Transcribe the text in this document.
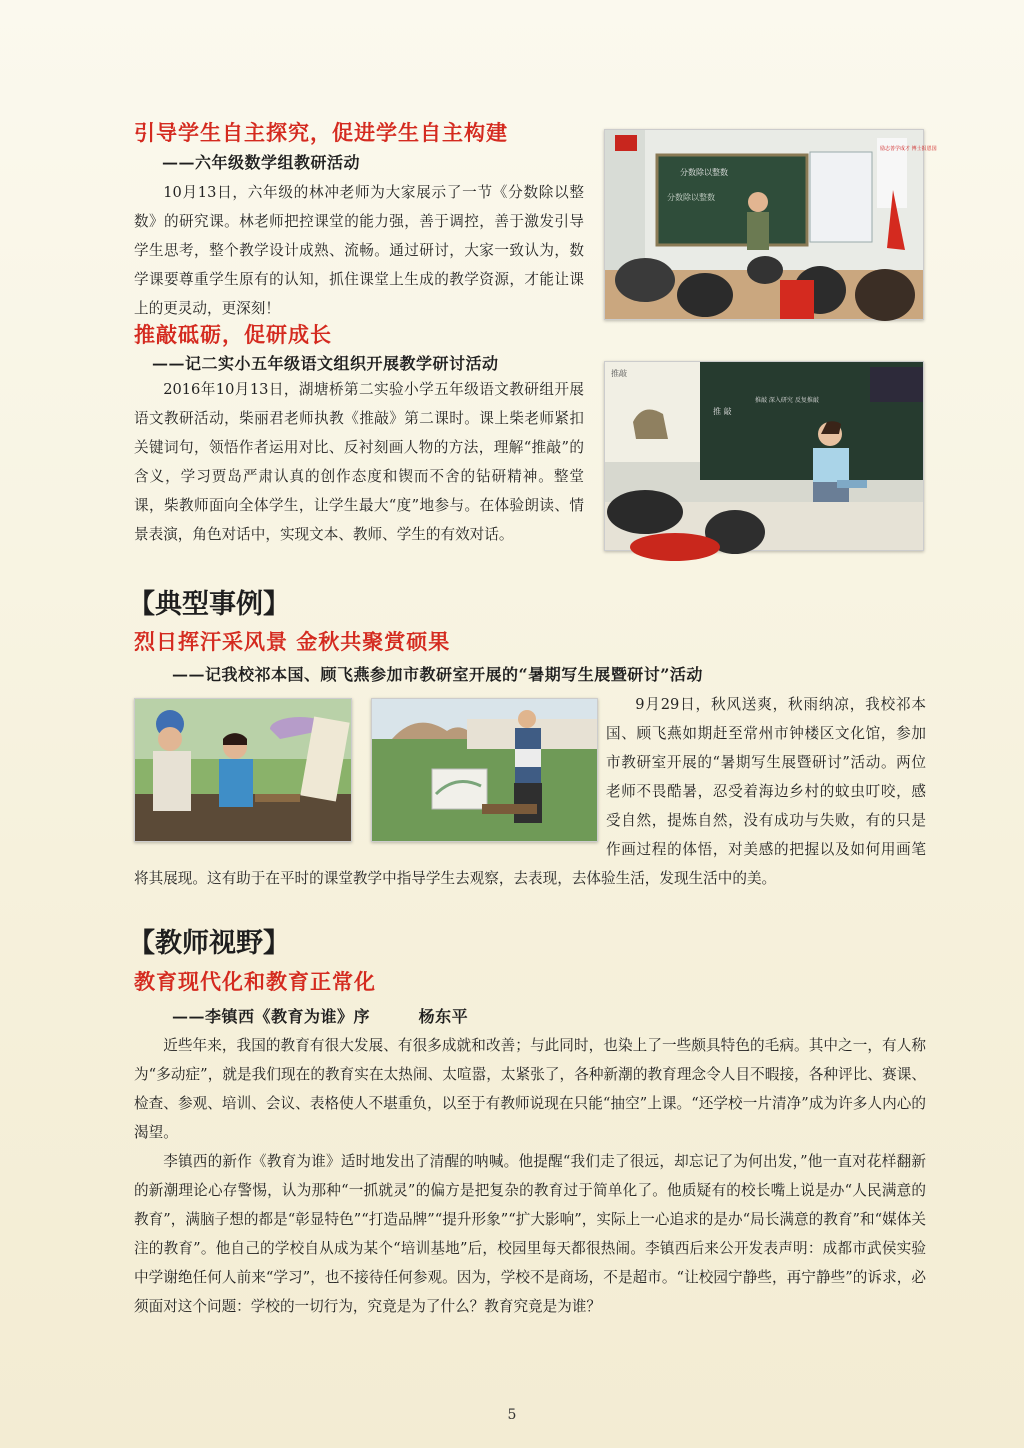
引导学生自主探究，促进学生自主构建

——六年级数学组教研活动

10月13日，六年级的林冲老师为大家展示了一节《分数除以整数》的研究课。林老师把控课堂的能力强，善于调控，善于激发引导学生思考，整个教学设计成熟、流畅。通过研讨，大家一致认为，数学课要尊重学生原有的认知，抓住课堂上生成的教学资源，才能让课上的更灵动，更深刻！

分数除以整数
分数除以整数
励志善学成才 博士报恩国
推敲砥砺，促研成长

——记二实小五年级语文组织开展教学研讨活动

2016年10月13日，湖塘桥第二实验小学五年级语文教研组开展语文教研活动，柴丽君老师执教《推敲》第二课时。课上柴老师紧扣关键词句，领悟作者运用对比、反衬刻画人物的方法，理解“推敲”的含义，学习贾岛严肃认真的创作态度和锲而不舍的钻研精神。整堂课，柴教师面向全体学生，让学生最大“度”地参与。在体验朗读、情景表演，角色对话中，实现文本、教师、学生的有效对话。

推敲
推 敲
推敲 深入研究 反复推敲
【典型事例】
烈日挥汗采风景 金秋共聚赏硕果

——记我校祁本国、顾飞燕参加市教研室开展的“暑期写生展暨研讨”活动

9月29日，秋风送爽，秋雨纳凉，我校祁本国、顾飞燕如期赶至常州市钟楼区文化馆，参加市教研室开展的“暑期写生展暨研讨”活动。两位老师不畏酷暑，忍受着海边乡村的蚊虫叮咬，感受自然，提炼自然，没有成功与失败，有的只是作画过程的体悟，对美感的把握以及如何用画笔将其展现。这有助于在平时的课堂教学中指导学生去观察，去表现，去体验生活，发现生活中的美。
【教师视野】
教育现代化和教育正常化

——李镇西《教育为谁》序        杨东平

近些年来，我国的教育有很大发展、有很多成就和改善；与此同时，也染上了一些颇具特色的毛病。其中之一，有人称为“多动症”，就是我们现在的教育实在太热闹、太喧嚣，太紧张了，各种新潮的教育理念令人目不暇接，各种评比、赛课、检查、参观、培训、会议、表格使人不堪重负，以至于有教师说现在只能“抽空”上课。“还学校一片清净”成为许多人内心的渴望。

李镇西的新作《教育为谁》适时地发出了清醒的呐喊。他提醒“我们走了很远，却忘记了为何出发，”他一直对花样翻新的新潮理论心存警惕，认为那种“一抓就灵”的偏方是把复杂的教育过于简单化了。他质疑有的校长嘴上说是办“人民满意的教育”，满脑子想的都是“彰显特色”“打造品牌”“提升形象”“扩大影响”，实际上一心追求的是办“局长满意的教育”和“媒体关注的教育”。他自己的学校自从成为某个“培训基地”后，校园里每天都很热闹。李镇西后来公开发表声明：成都市武侯实验中学谢绝任何人前来“学习”，也不接待任何参观。因为，学校不是商场，不是超市。“让校园宁静些，再宁静些”的诉求，必须面对这个问题：学校的一切行为，究竟是为了什么？教育究竟是为谁？

5
